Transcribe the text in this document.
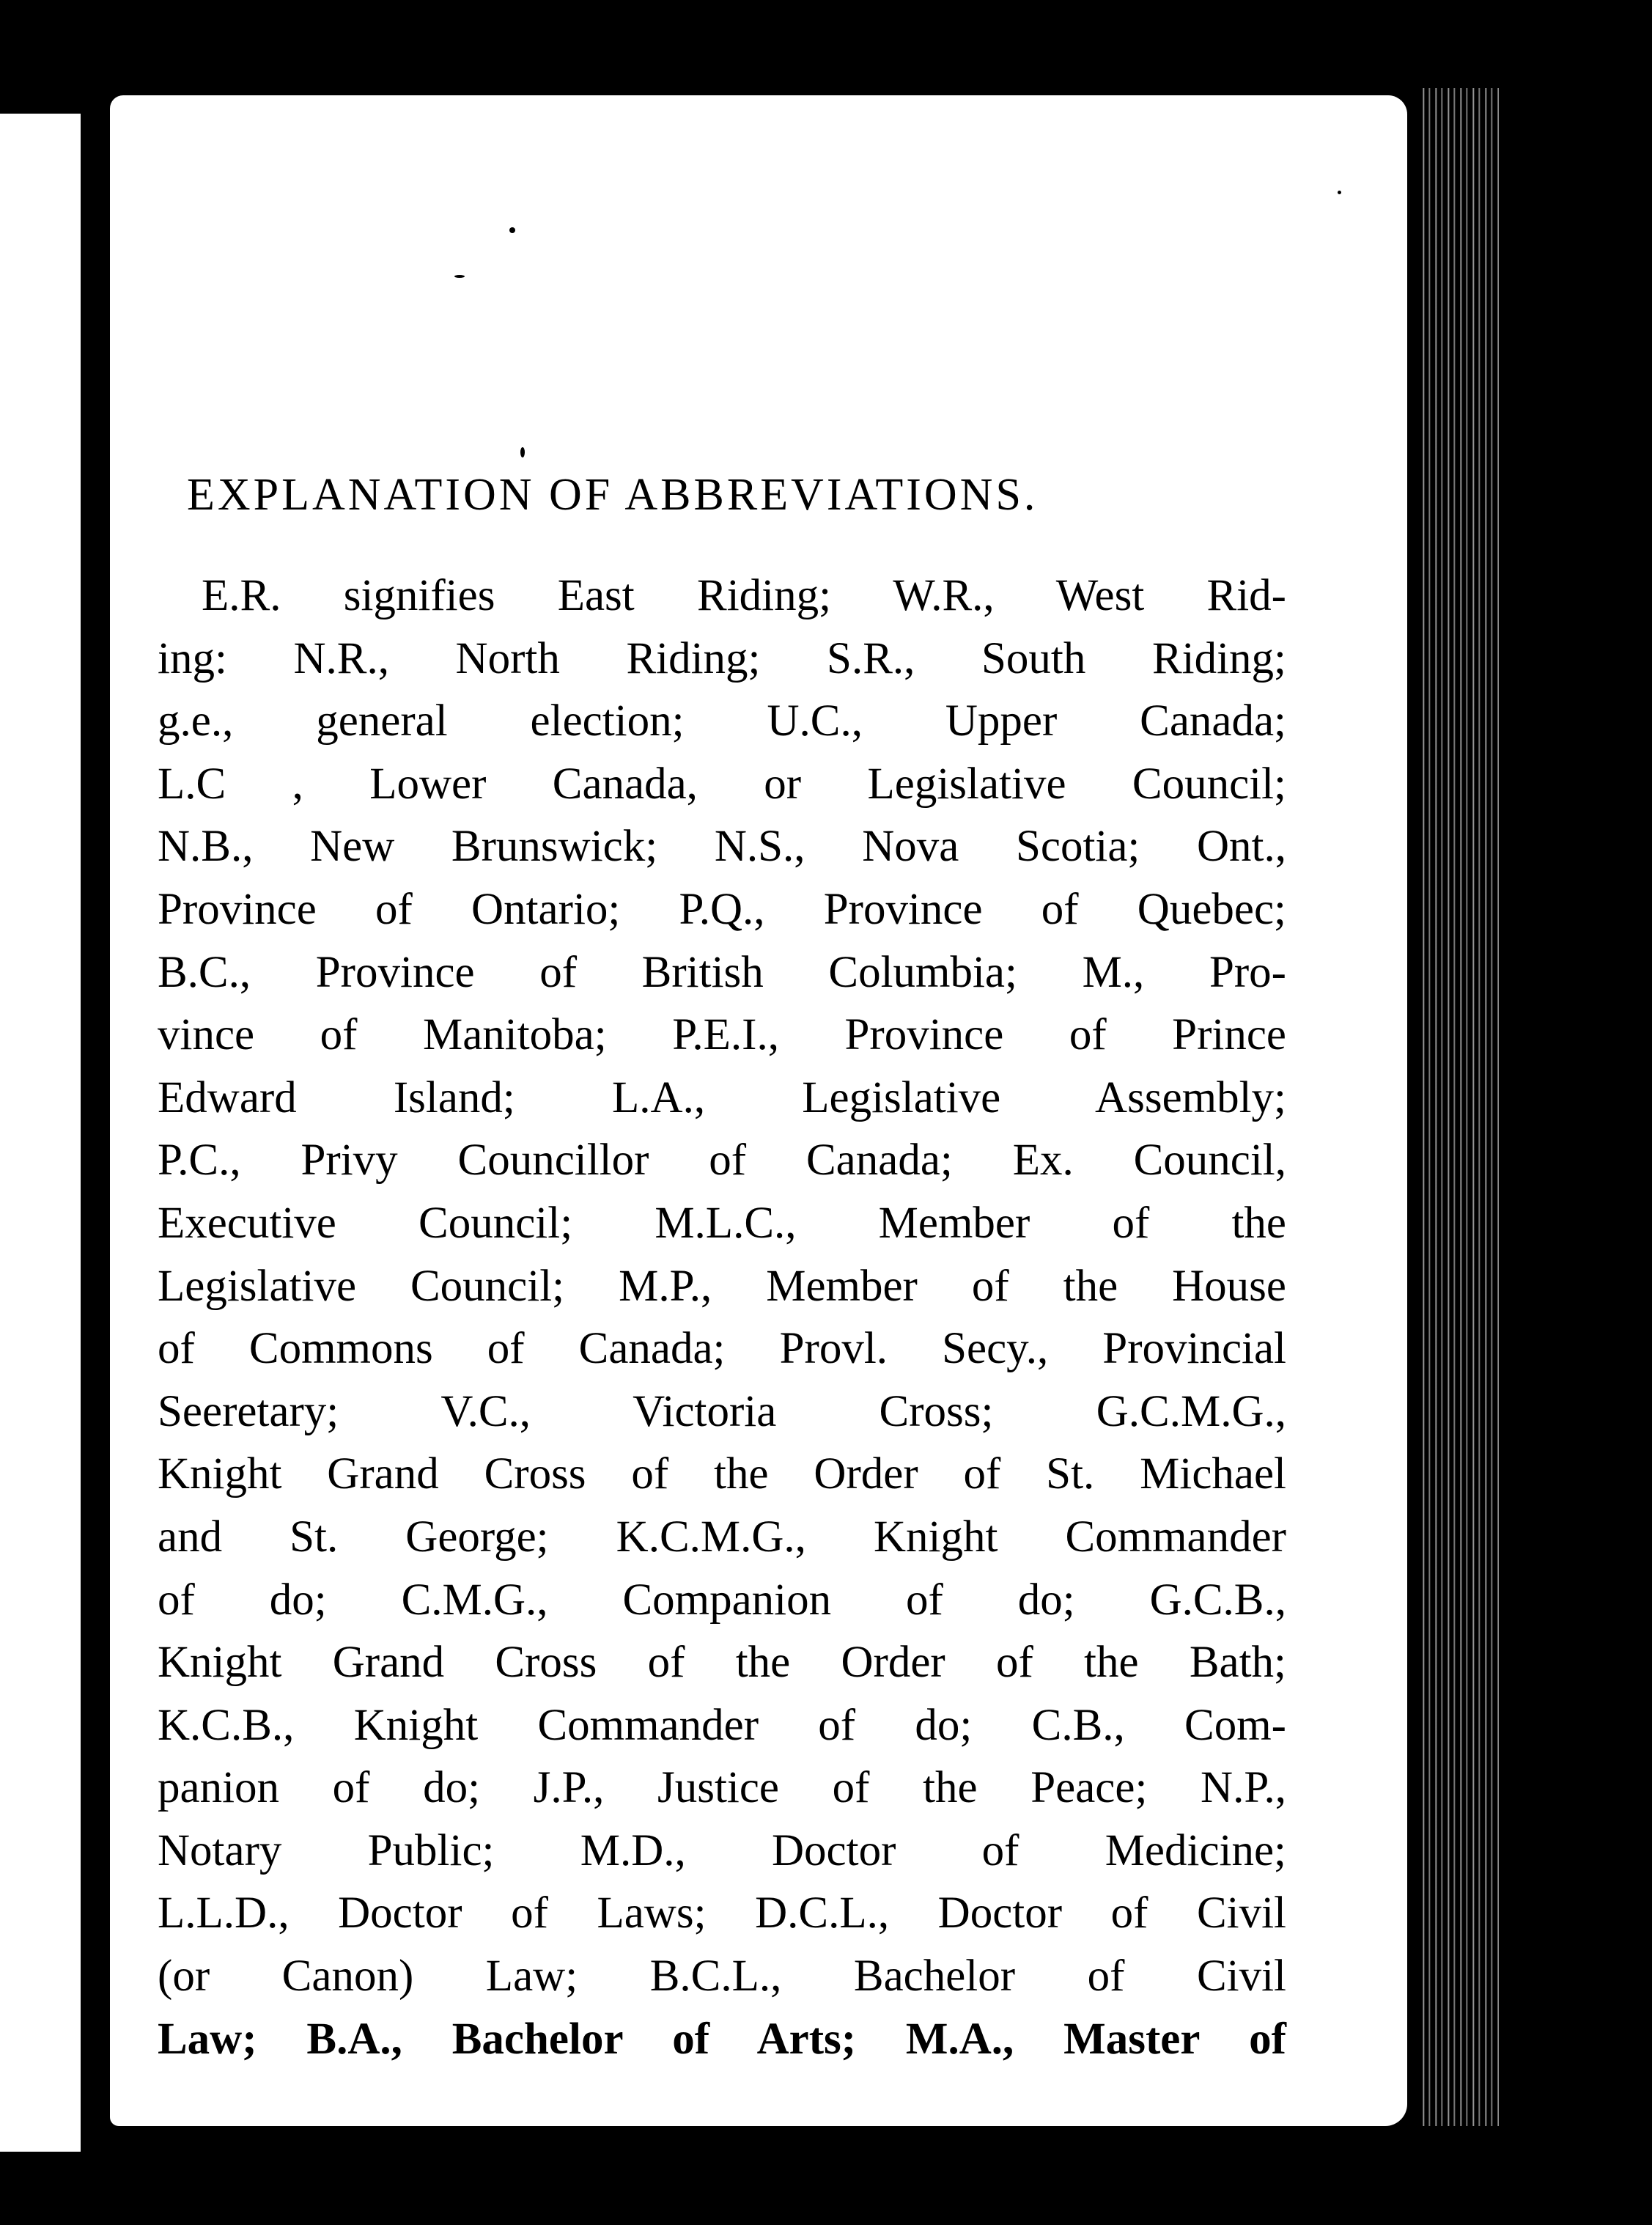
EXPLANATION OF ABBREVIATIONS.
E.R. signifies East Riding; W.R., West Rid-
ing: N.R., North Riding; S.R., South Riding;
g.e., general election; U.C., Upper Canada;
L.C , Lower Canada, or Legislative Council;
N.B., New Brunswick; N.S., Nova Scotia; Ont.,
Province of Ontario; P.Q., Province of Quebec;
B.C., Province of British Columbia; M., Pro-
vince of Manitoba; P.E.I., Province of Prince
Edward Island; L.A., Legislative Assembly;
P.C., Privy Councillor of Canada; Ex. Council,
Executive Council; M.L.C., Member of the
Legislative Council; M.P., Member of the House
of Commons of Canada; Provl. Secy., Provincial
Seeretary; V.C., Victoria Cross; G.C.M.G.,
Knight Grand Cross of the Order of St. Michael
and St. George; K.C.M.G., Knight Commander
of do; C.M.G., Companion of do; G.C.B.,
Knight Grand Cross of the Order of the Bath;
K.C.B., Knight Commander of do; C.B., Com-
panion of do; J.P., Justice of the Peace; N.P.,
Notary Public; M.D., Doctor of Medicine;
L.L.D., Doctor of Laws; D.C.L., Doctor of Civil
(or Canon) Law; B.C.L., Bachelor of Civil
Law; B.A., Bachelor of Arts; M.A., Master of
